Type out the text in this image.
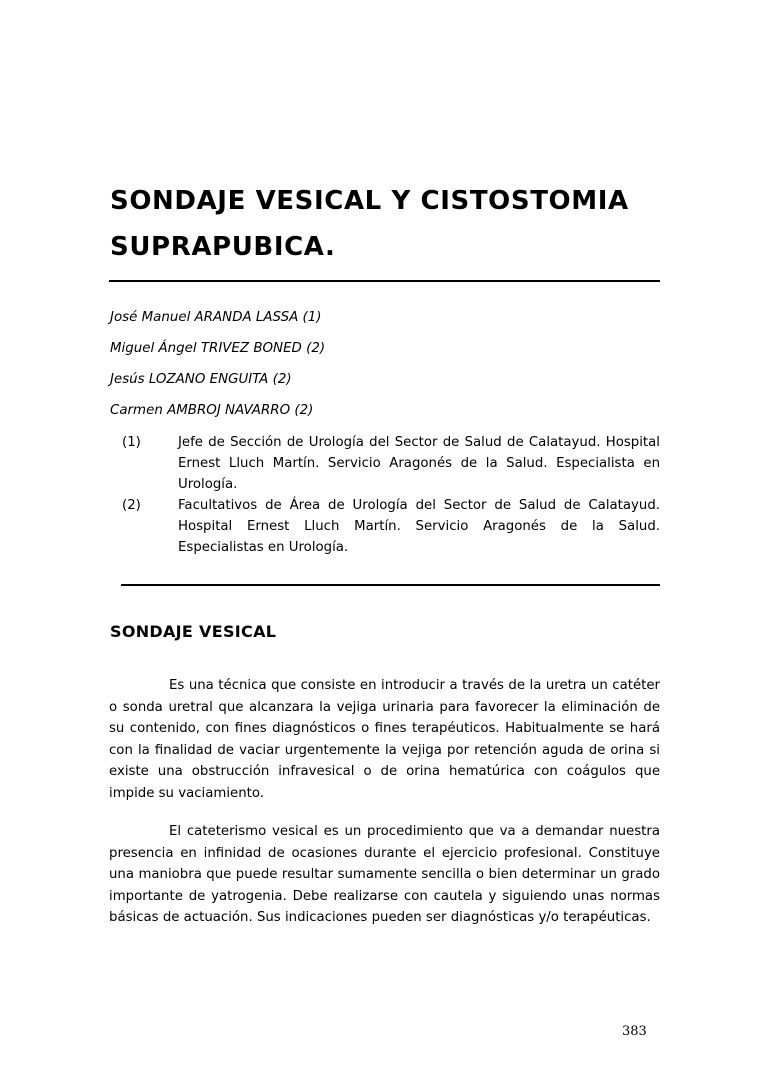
SONDAJE VESICAL Y CISTOSTOMIA SUPRAPUBICA.
José Manuel ARANDA LASSA (1)
Miguel Ángel TRIVEZ BONED (2)
Jesús LOZANO ENGUITA (2)
Carmen AMBROJ NAVARRO (2)
(1)	Jefe de Sección de Urología del Sector de Salud de Calatayud. Hospital Ernest Lluch Martín. Servicio Aragonés de la Salud. Especialista en Urología.
(2)	Facultativos de Área de Urología del Sector de Salud de Calatayud. Hospital Ernest Lluch Martín. Servicio Aragonés de la Salud. Especialistas en Urología.
SONDAJE VESICAL

Es una técnica que consiste en introducir a través de la uretra un catéter o sonda uretral que alcanzara la vejiga urinaria para favorecer la eliminación de su contenido, con fines diagnósticos o fines terapéuticos. Habitualmente se hará con la finalidad de vaciar urgentemente la vejiga por retención aguda de orina si existe una obstrucción infravesical o de orina hematúrica con coágulos que impide su vaciamiento.

El cateterismo vesical es un procedimiento que va a demandar nuestra presencia en infinidad de ocasiones durante el ejercicio profesional. Constituye una maniobra que puede resultar sumamente sencilla o bien determinar un grado importante de yatrogenia. Debe realizarse con cautela y siguiendo unas normas básicas de actuación. Sus indicaciones pueden ser diagnósticas y/o terapéuticas.

383
